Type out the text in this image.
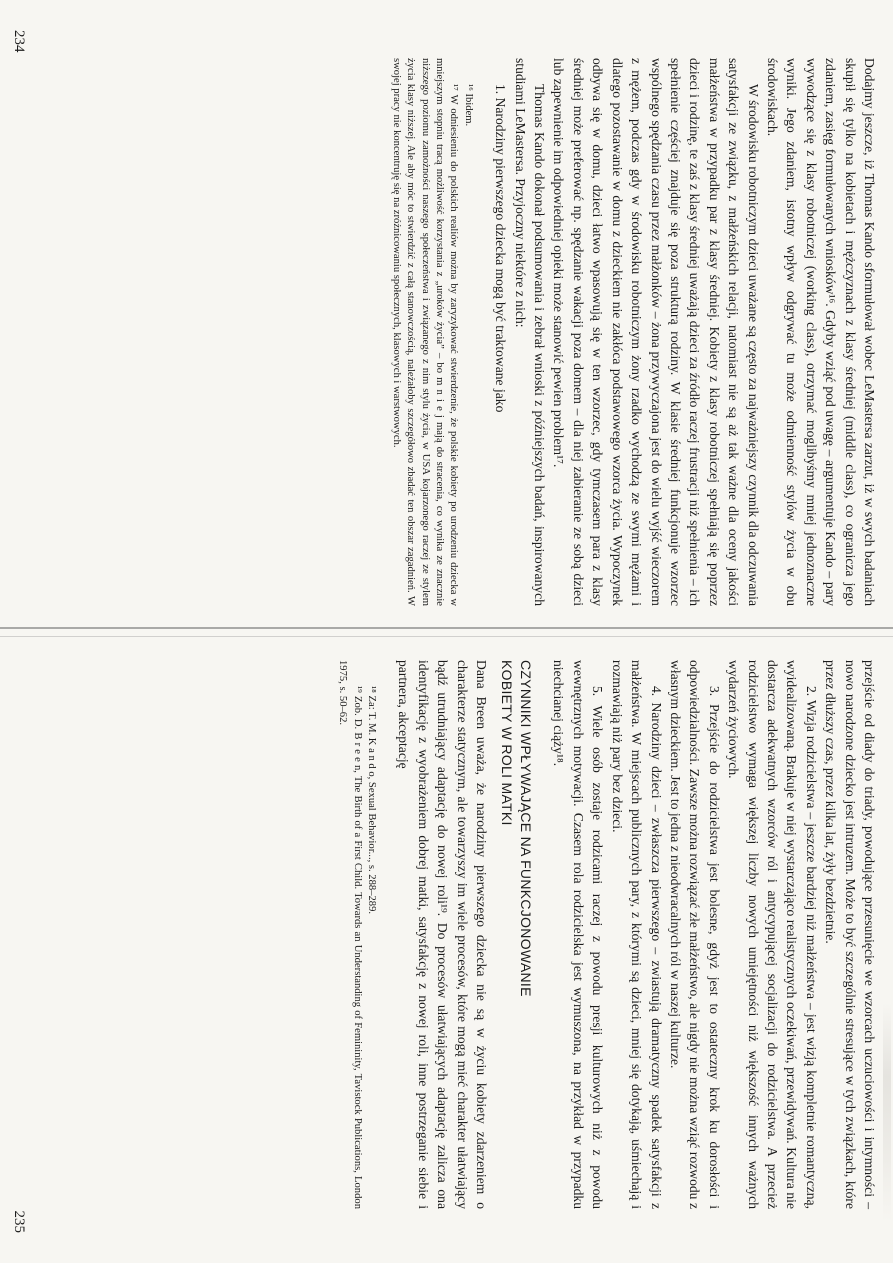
Dodajmy jeszcze, iż Thomas Kando sformułował wobec LeMastersa zarzut, iż w swych badaniach skupił się tylko na kobietach i mężczyznach z klasy średniej (middle class), co ogranicza jego zdaniem, zasięg formułowanych wniosków¹⁶. Gdyby wziąć pod uwagę – argumentuje Kando – pary wywodzące się z klasy robotniczej (working class), otrzymać moglibyśmy mniej jednoznaczne wyniki. Jego zdaniem, istotny wpływ odgrywać tu może odmienność stylów życia w obu środowiskach.

W środowisku robotniczym dzieci uważane są często za najważniejszy czynnik dla odczuwania satysfakcji ze związku, z małżeńskich relacji, natomiast nie są aż tak ważne dla oceny jakości małżeństwa w przypadku par z klasy średniej. Kobiety z klasy robotniczej spełniają się poprzez dzieci i rodzinę, te zaś z klasy średniej uważają dzieci za źródło raczej frustracji niż spełnienia – ich spełnienie częściej znajduje się poza strukturą rodziny. W klasie średniej funkcjonuje wzorzec wspólnego spędzania czasu przez małżonków – żona przywyczajona jest do wielu wyjść wieczorem z mężem, podczas gdy w środowisku robotniczym żony rzadko wychodzą ze swymi mężami i dlatego pozostawanie w domu z dzieckiem nie zakłóca podstawowego wzorca życia. Wypoczynek odbywa się w domu, dzieci łatwo wpasowują się w ten wzorzec, gdy tymczasem para z klasy średniej może preferować np. spędzanie wakacji poza domem – dla niej zabieranie ze sobą dzieci lub zapewnienie im odpowiedniej opieki może stanowić pewien problem¹⁷.

Thomas Kando dokonał podsumowania i zebrał wnioski z późniejszych badań, inspirowanych studiami LeMastersa. Przyjoczny niektóre z nich:

1. Narodziny pierwszego dziecka mogą być traktowane jako

¹⁶ Ibidem.

¹⁷ W odniesieniu do polskich realiów można by zaryzykować stwierdzenie, że polskie kobiety po urodzeniu dziecka w mniejszym stopniu tracą możliwość korzystania z „uroków życia” – bo m n i e j mają do stracenia, co wynika ze znacznie niższego poziomu zamożności naszego społeczeństwa i związanego z nim stylu życia, w USA kojarzonego raczej ze stylem życia klasy niższej. Ale aby móc to stwierdzić z całą stanowczością, należałoby szczegółowo zbadać ten obszar zagadnień. W swojej pracy nie koncentruję się na zróżnicowaniu społecznych, klasowych i warstwowych.

234

przejście od diady do triady, powodujące przesunięcie we wzorcach uczuciowości i intymności – nowo narodzone dziecko jest intruzem. Może to być szczególnie stresujące w tych związkach, które przez dłuższy czas, przez kilka lat, żyły bezdzietnie.

2. Wizja rodzicielstwa – jeszcze bardziej niż małżeństwa – jest wizją kompletnie romantyczną, wyidealizowaną. Brakuje w niej wystarczająco realistycznych oczekiwań, przewidywań. Kultura nie dostarcza adekwatnych wzorców ról i antycypującej socjalizacji do rodzicielstwa. A przecież rodzicielstwo wymaga większej liczby nowych umiejętności niż większość innych ważnych wydarzeń życiowych.

3. Przejście do rodzicielstwa jest bolesne, gdyż jest to ostateczny krok ku dorosłości i odpowiedzialności. Zawsze można rozwiązać złe małżeństwo, ale nigdy nie można wziąć rozwodu z własnym dzieckiem. Jest to jedna z nieodwracalnych ról w naszej kulturze.

4. Narodziny dzieci – zwłaszcza pierwszego – zwiastują dramatyczny spadek satysfakcji z małżeństwa. W miejscach publicznych pary, z którymi są dzieci, mniej się dotykają, uśmiechają i rozmawiają niż pary bez dzieci.

5. Wiele osób zostaje rodzicami raczej z powodu presji kulturowych niż z powodu wewnętrznych motywacji. Czasem rola rodzicielska jest wymuszona, na przykład w przypadku niechcianej ciąży¹⁸.

CZYNNIKI WPŁYWAJĄCE NA FUNKCJONOWANIE
KOBIETY W ROLI MATKI

Dana Breen uważa, że narodziny pierwszego dziecka nie są w życiu kobiety zdarzeniem o charakterze statycznym, ale towarzyszy im wiele procesów, które mogą mieć charakter ułatwiający bądź utrudniający adaptację do nowej roli¹⁹. Do procesów ułatwiających adaptację zalicza ona identyfikację z wyobrażeniem dobrej matki, satysfakcję z nowej roli, inne postrzeganie siebie i partnera, akceptację

¹⁸ Za: T. M. K a n d o, Sexual Behavior..., s. 288–289.

¹⁹ Zob. D. B r e e n, The Birth of a First Child. Towards an Understanding of Femininity, Tavistock Publications, London 1975, s. 50–62.

235
